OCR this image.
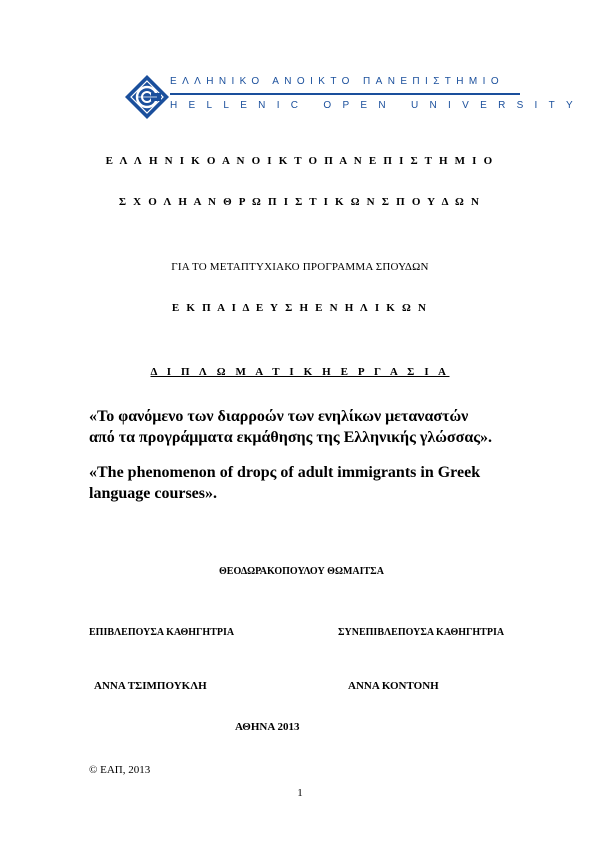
ΕΛΛΗΝΙΚΟ ΑΝΟΙΚΤΟ ΠΑΝΕΠΙΣΤΗΜΙΟ
HELLENIC OPEN UNIVERSITY
Ε Λ Λ Η Ν Ι Κ Ο Α Ν Ο Ι Κ Τ Ο Π Α Ν Ε Π Ι Σ Τ Η Μ Ι Ο
Σ Χ Ο Λ Η Α Ν Θ Ρ Ω Π Ι Σ Τ Ι Κ Ω Ν Σ Π Ο Υ Δ Ω Ν
ΓΙΑ ΤΟ ΜΕΤΑΠΤΥΧΙΑΚΟ ΠΡΟΓΡΑΜΜΑ ΣΠΟΥΔΩΝ
Ε Κ Π Α Ι Δ Ε Υ Σ Η Ε Ν Η Λ Ι Κ Ω Ν
Δ Ι Π Λ Ω Μ Α Τ Ι Κ Η Ε Ρ Γ Α Σ Ι Α
«Το φανόμενο των διαρροών των ενηλίκων μεταναστών
από τα προγράμματα εκμάθησης της Ελληνικής γλώσσας».
«The phenomenon of dropς of adult immigrants in Greek
language courses».
ΘΕΟΔΩΡΑΚΟΠΟΥΛΟΥ ΘΩΜΑΙΤΣΑ
ΕΠΙΒΛΕΠΟΥΣΑ ΚΑΘΗΓΗΤΡΙΑ	ΣΥΝΕΠΙΒΛΕΠΟΥΣΑ ΚΑΘΗΓΗΤΡΙΑ
ΑΝΝΑ ΤΣΙΜΠΟΥΚΛΗ	ΑΝΝΑ ΚΟΝΤΟΝΗ
ΑΘΗΝΑ 2013
© ΕΑΠ, 2013
1
